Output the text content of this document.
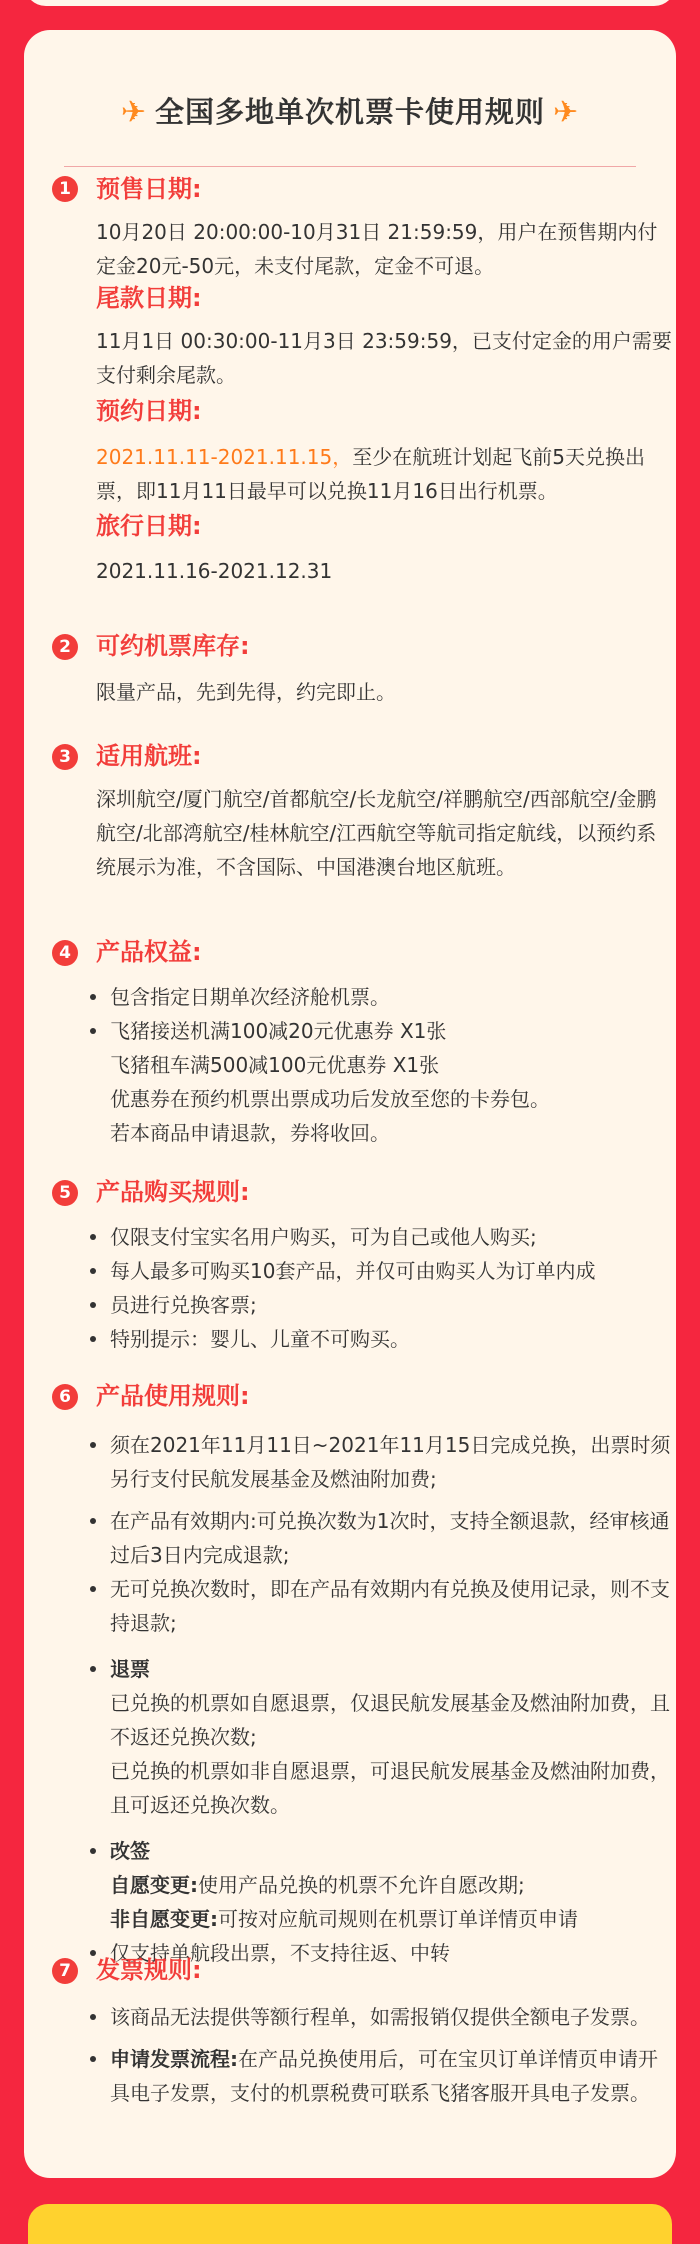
✈ 全国多地单次机票卡使用规则 ✈
1 预售日期:
10月20日 20:00:00-10月31日 21:59:59，用户在预售期内付定金20元-50元，未支付尾款，定金不可退。
尾款日期:
11月1日 00:30:00-11月3日 23:59:59，已支付定金的用户需要支付剩余尾款。
预约日期:
2021.11.11-2021.11.15，至少在航班计划起飞前5天兑换出票，即11月11日最早可以兑换11月16日出行机票。
旅行日期:
2021.11.16-2021.12.31
2 可约机票库存:
限量产品，先到先得，约完即止。
3 适用航班:
深圳航空/厦门航空/首都航空/长龙航空/祥鹏航空/西部航空/金鹏航空/北部湾航空/桂林航空/江西航空等航司指定航线，以预约系统展示为准，不含国际、中国港澳台地区航班。
4 产品权益:
包含指定日期单次经济舱机票。
飞猪接送机满100减20元优惠券 X1张
飞猪租车满500减100元优惠券 X1张
优惠券在预约机票出票成功后发放至您的卡券包。
若本商品申请退款，券将收回。
5 产品购买规则:
仅限支付宝实名用户购买，可为自己或他人购买;
每人最多可购买10套产品，并仅可由购买人为订单内成
员进行兑换客票;
特别提示：婴儿、儿童不可购买。
6 产品使用规则:
须在2021年11月11日~2021年11月15日完成兑换，出票时须另行支付民航发展基金及燃油附加费;
在产品有效期内:可兑换次数为1次时，支持全额退款，经审核通过后3日内完成退款;
无可兑换次数时，即在产品有效期内有兑换及使用记录，则不支持退款;
退票
已兑换的机票如自愿退票，仅退民航发展基金及燃油附加费，且不返还兑换次数;
已兑换的机票如非自愿退票，可退民航发展基金及燃油附加费，且可返还兑换次数。
改签
自愿变更:使用产品兑换的机票不允许自愿改期;
非自愿变更:可按对应航司规则在机票订单详情页申请
仅支持单航段出票，不支持往返、中转
7 发票规则:
该商品无法提供等额行程单，如需报销仅提供全额电子发票。
申请发票流程:在产品兑换使用后，可在宝贝订单详情页申请开具电子发票，支付的机票税费可联系飞猪客服开具电子发票。
